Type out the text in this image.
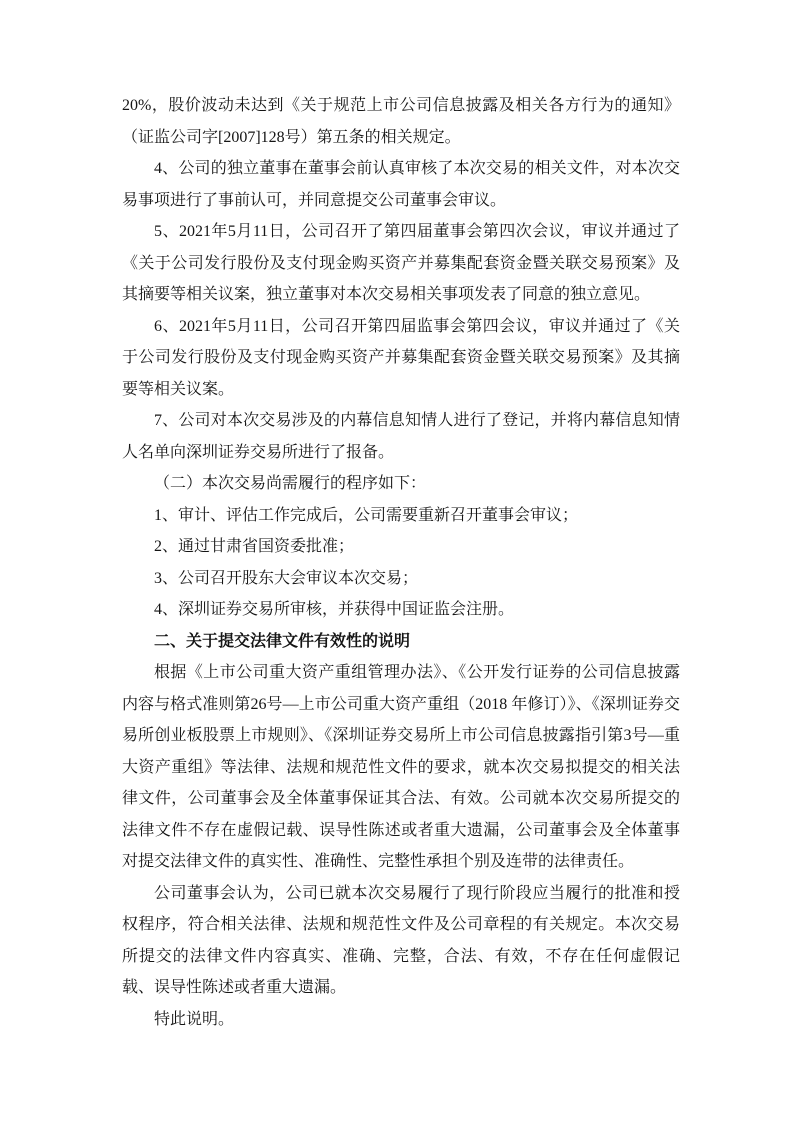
20%，股价波动未达到《关于规范上市公司信息披露及相关各方行为的通知》（证监公司字[2007]128号）第五条的相关规定。

4、公司的独立董事在董事会前认真审核了本次交易的相关文件，对本次交易事项进行了事前认可，并同意提交公司董事会审议。

5、2021年5月11日，公司召开了第四届董事会第四次会议，审议并通过了《关于公司发行股份及支付现金购买资产并募集配套资金暨关联交易预案》及其摘要等相关议案，独立董事对本次交易相关事项发表了同意的独立意见。

6、2021年5月11日，公司召开第四届监事会第四会议，审议并通过了《关于公司发行股份及支付现金购买资产并募集配套资金暨关联交易预案》及其摘要等相关议案。

7、公司对本次交易涉及的内幕信息知情人进行了登记，并将内幕信息知情人名单向深圳证券交易所进行了报备。

（二）本次交易尚需履行的程序如下：

1、审计、评估工作完成后，公司需要重新召开董事会审议；

2、通过甘肃省国资委批准；

3、公司召开股东大会审议本次交易；

4、深圳证券交易所审核，并获得中国证监会注册。

二、关于提交法律文件有效性的说明

根据《上市公司重大资产重组管理办法》、《公开发行证券的公司信息披露内容与格式准则第26号—上市公司重大资产重组（2018 年修订）》、《深圳证券交易所创业板股票上市规则》、《深圳证券交易所上市公司信息披露指引第3号—重大资产重组》等法律、法规和规范性文件的要求，就本次交易拟提交的相关法律文件，公司董事会及全体董事保证其合法、有效。公司就本次交易所提交的法律文件不存在虚假记载、误导性陈述或者重大遗漏，公司董事会及全体董事对提交法律文件的真实性、准确性、完整性承担个别及连带的法律责任。

公司董事会认为，公司已就本次交易履行了现行阶段应当履行的批准和授权程序，符合相关法律、法规和规范性文件及公司章程的有关规定。本次交易所提交的法律文件内容真实、准确、完整，合法、有效，不存在任何虚假记载、误导性陈述或者重大遗漏。

特此说明。
